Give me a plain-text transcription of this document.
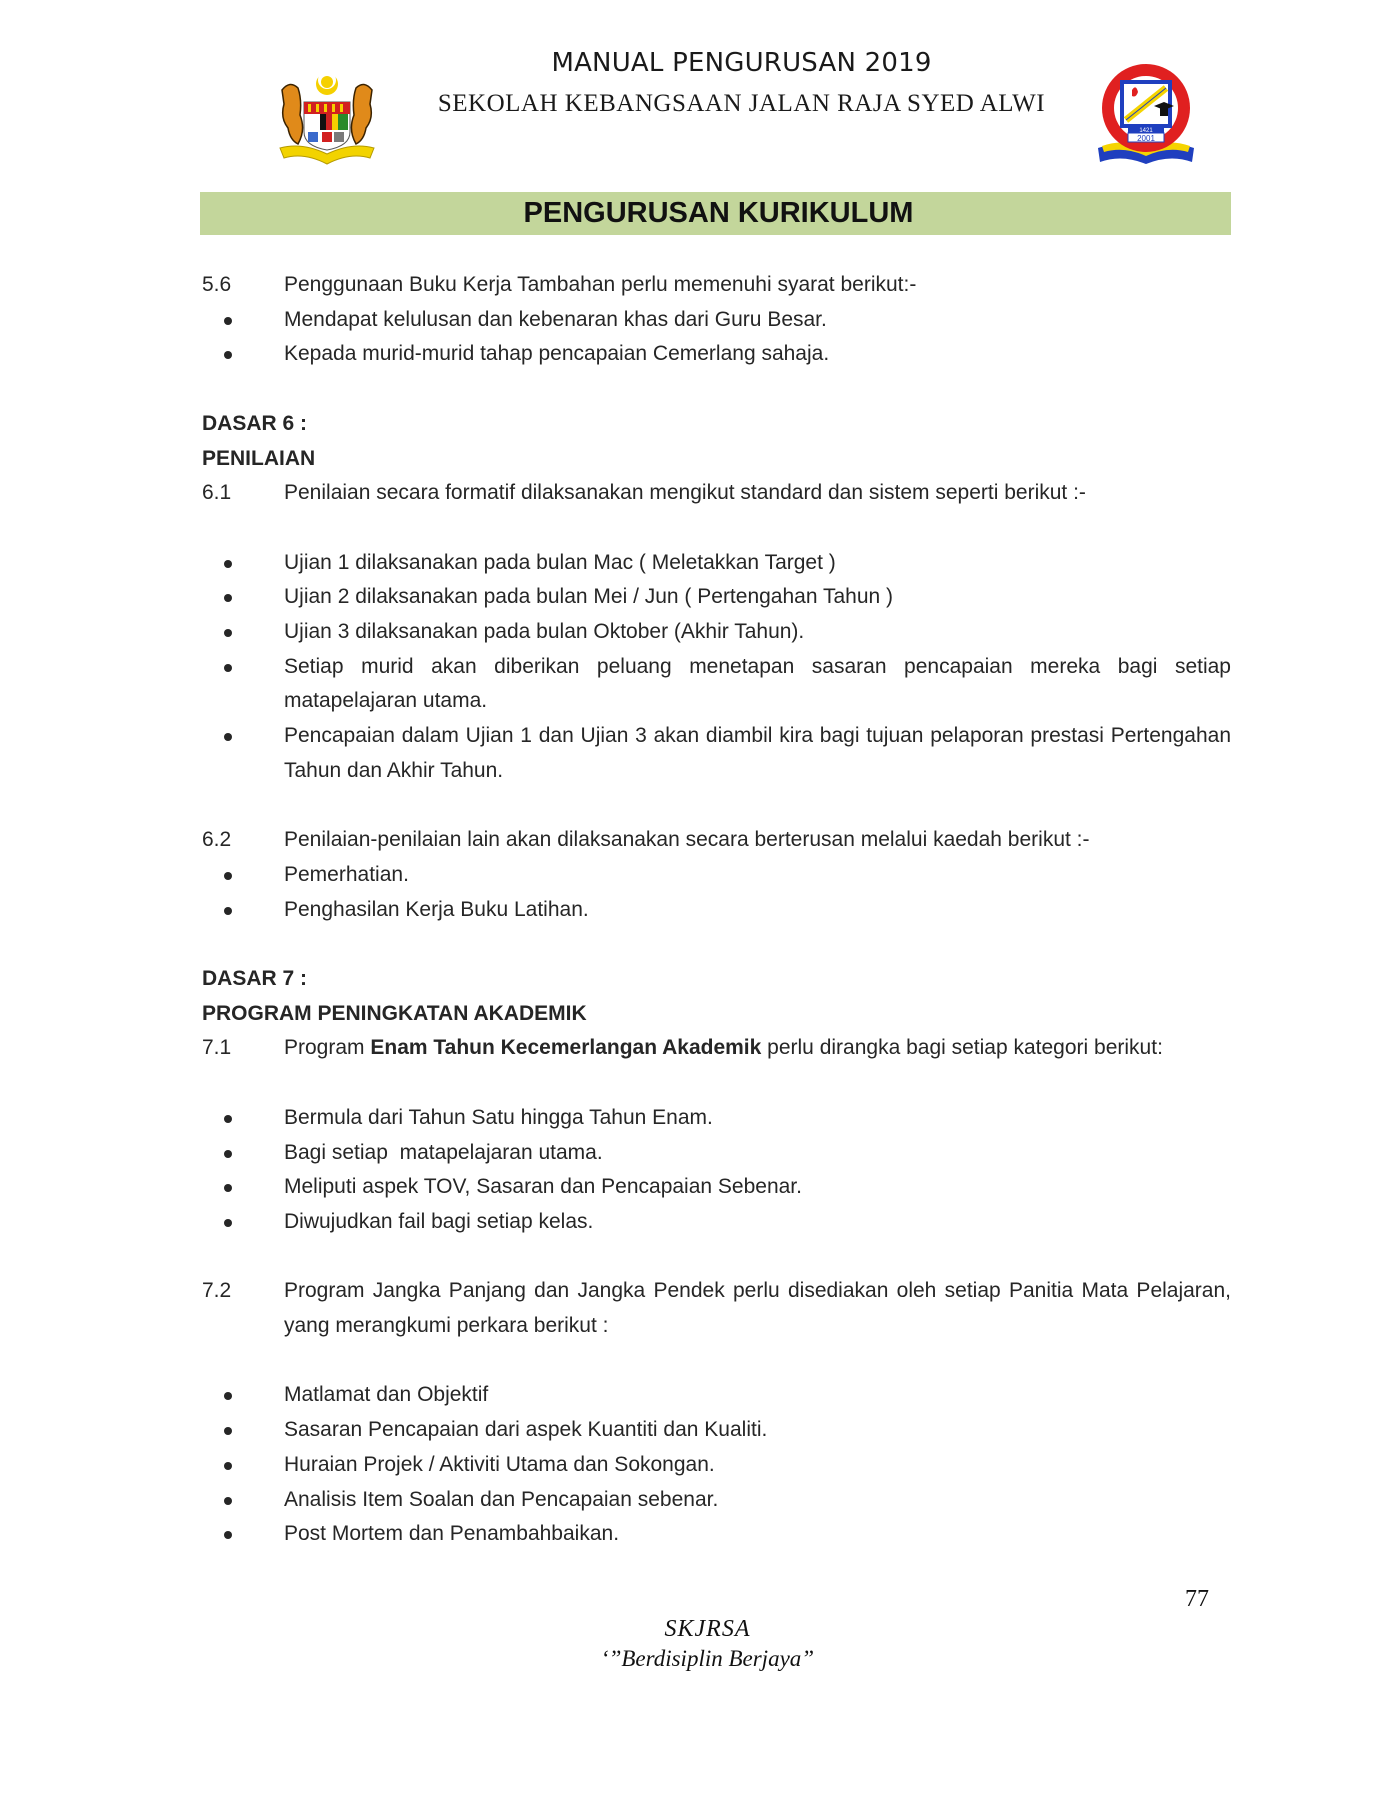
MANUAL PENGURUSAN 2019
SEKOLAH KEBANGSAAN JALAN RAJA SYED ALWI
2001
1421
PENGURUSAN KURIKULUM
5.6	Penggunaan Buku Kerja Tambahan perlu memenuhi syarat berikut:-
Mendapat kelulusan dan kebenaran khas dari Guru Besar.
Kepada murid-murid tahap pencapaian Cemerlang sahaja.
DASAR 6 :
PENILAIAN
6.1	Penilaian secara formatif dilaksanakan mengikut standard dan sistem seperti berikut :-
Ujian 1 dilaksanakan pada bulan Mac ( Meletakkan Target )
Ujian 2 dilaksanakan pada bulan Mei / Jun ( Pertengahan Tahun )
Ujian 3 dilaksanakan pada bulan Oktober (Akhir Tahun).
Setiap murid akan diberikan peluang menetapan sasaran pencapaian mereka bagi setiap matapelajaran utama.
Pencapaian dalam Ujian 1 dan Ujian 3 akan diambil kira bagi tujuan pelaporan prestasi Pertengahan Tahun dan Akhir Tahun.
6.2	Penilaian-penilaian lain akan dilaksanakan secara berterusan melalui kaedah berikut :-
Pemerhatian.
Penghasilan Kerja Buku Latihan.
DASAR 7 :
PROGRAM PENINGKATAN AKADEMIK
7.1	Program Enam Tahun Kecemerlangan Akademik perlu dirangka bagi setiap kategori berikut:
Bermula dari Tahun Satu hingga Tahun Enam.
Bagi setiap  matapelajaran utama.
Meliputi aspek TOV, Sasaran dan Pencapaian Sebenar.
Diwujudkan fail bagi setiap kelas.
7.2	Program Jangka Panjang dan Jangka Pendek perlu disediakan oleh setiap Panitia Mata Pelajaran, yang merangkumi perkara berikut :
Matlamat dan Objektif
Sasaran Pencapaian dari aspek Kuantiti dan Kualiti.
Huraian Projek / Aktiviti Utama dan Sokongan.
Analisis Item Soalan dan Pencapaian sebenar.
Post Mortem dan Penambahbaikan.
77
SKJRSA
‘”Berdisiplin Berjaya”
